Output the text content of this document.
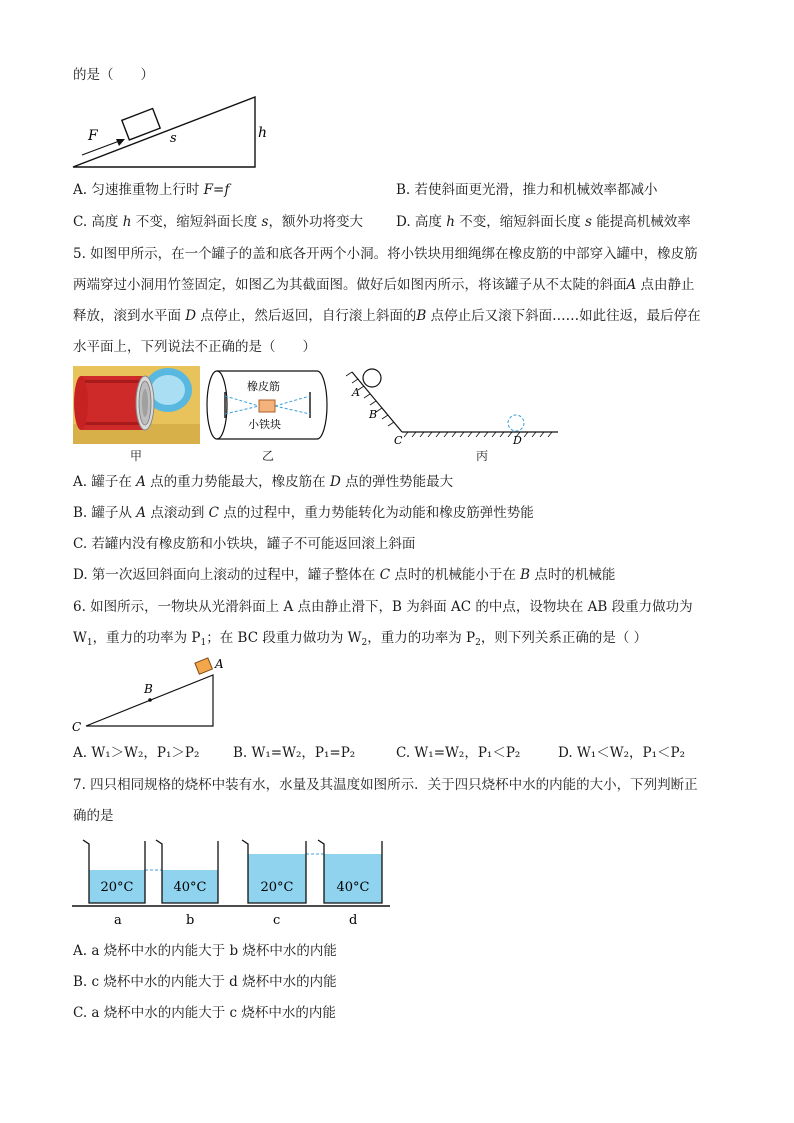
的是（　　）
F	s	h
A. 匀速推重物上行时 F=f	B. 若使斜面更光滑，推力和机械效率都减小
C. 高度 h 不变，缩短斜面长度 s，额外功将变大 D. 高度 h 不变，缩短斜面长度 s 能提高机械效率
5. 如图甲所示，在一个罐子的盖和底各开两个小洞。将小铁块用细绳绑在橡皮筋的中部穿入罐中，橡皮筋
两端穿过小洞用竹签固定，如图乙为其截面图。做好后如图丙所示，将该罐子从不太陡的斜面A 点由静止
释放，滚到水平面 D 点停止，然后返回，自行滚上斜面的B 点停止后又滚下斜面……如此往返，最后停在
水平面上，下列说法不正确的是（　　）
甲
橡皮筋
小铁块
乙
A
B
C	D
丙
A. 罐子在 A 点的重力势能最大，橡皮筋在 D 点的弹性势能最大
B. 罐子从 A 点滚动到 C 点的过程中，重力势能转化为动能和橡皮筋弹性势能
C. 若罐内没有橡皮筋和小铁块，罐子不可能返回滚上斜面
D. 第一次返回斜面向上滚动的过程中，罐子整体在 C 点时的机械能小于在 B 点时的机械能
6. 如图所示，一物块从光滑斜面上 A 点由静止滑下，B 为斜面 AC 的中点，设物块在 AB 段重力做功为
$W_1$，重力的功率为 $P_1$；在 BC 段重力做功为 $W_2$，重力的功率为 $P_2$，则下列关系正确的是（ ）
A
B
C
A. W₁＞W₂，P₁＞P₂ B. W₁=W₂，P₁=P₂	C. W₁=W₂，P₁＜P₂	D. W₁＜W₂，P₁＜P₂
7. 四只相同规格的烧杯中装有水，水量及其温度如图所示．关于四只烧杯中水的内能的大小，下列判断正
确的是
20°C	40°C	20°C	40°C
a	b	c	d
A. a 烧杯中水的内能大于 b 烧杯中水的内能
B. c 烧杯中水的内能大于 d 烧杯中水的内能
C. a 烧杯中水的内能大于 c 烧杯中水的内能
